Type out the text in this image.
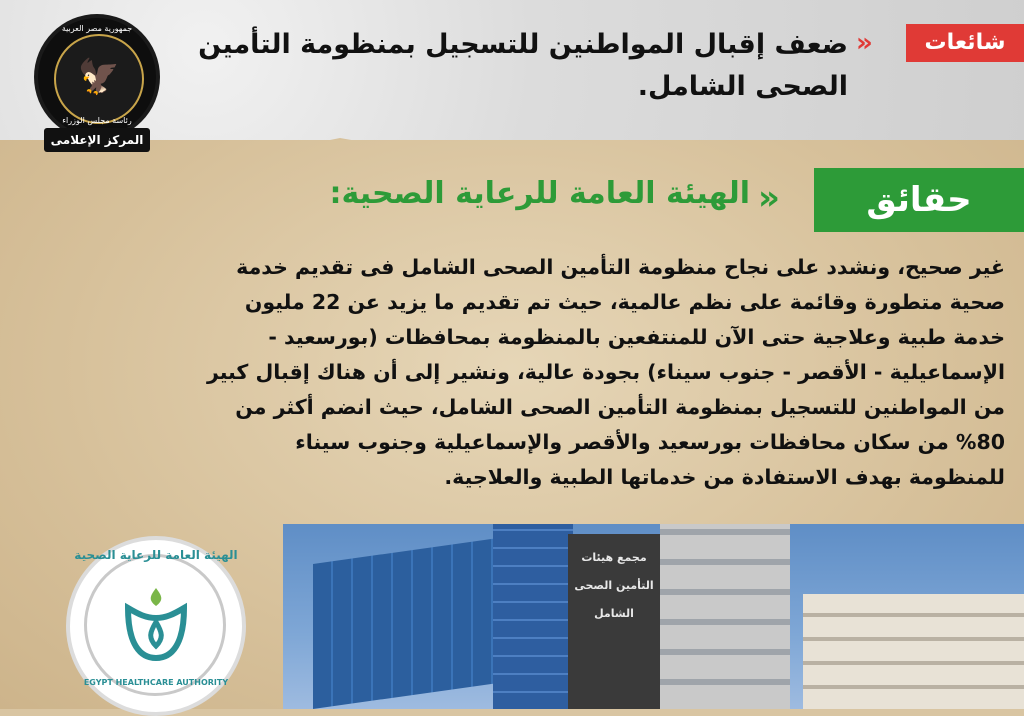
جمهورية مصر العربية
🦅
رئاسة مجلس الوزراء
المركز الإعلامى
شائعات
»
ضعف إقبال المواطنين للتسجيل بمنظومة التأمين الصحى الشامل.
حقائق
»
الهيئة العامة للرعاية الصحية:
غير صحيح، ونشدد على نجاح منظومة التأمين الصحى الشامل فى تقديم خدمة صحية متطورة وقائمة على نظم عالمية، حيث تم تقديم ما يزيد عن 22 مليون خدمة طبية وعلاجية حتى الآن للمنتفعين بالمنظومة بمحافظات (بورسعيد - الإسماعيلية - الأقصر - جنوب سيناء) بجودة عالية، ونشير إلى أن هناك إقبال كبير من المواطنين للتسجيل بمنظومة التأمين الصحى الشامل، حيث انضم أكثر من 80% من سكان محافظات بورسعيد والأقصر والإسماعيلية وجنوب سيناء للمنظومة بهدف الاستفادة من خدماتها الطبية والعلاجية.
مجمع هيئات التأمين الصحى الشامل
الهيئة العامة للرعاية الصحية
EGYPT HEALTHCARE AUTHORITY
